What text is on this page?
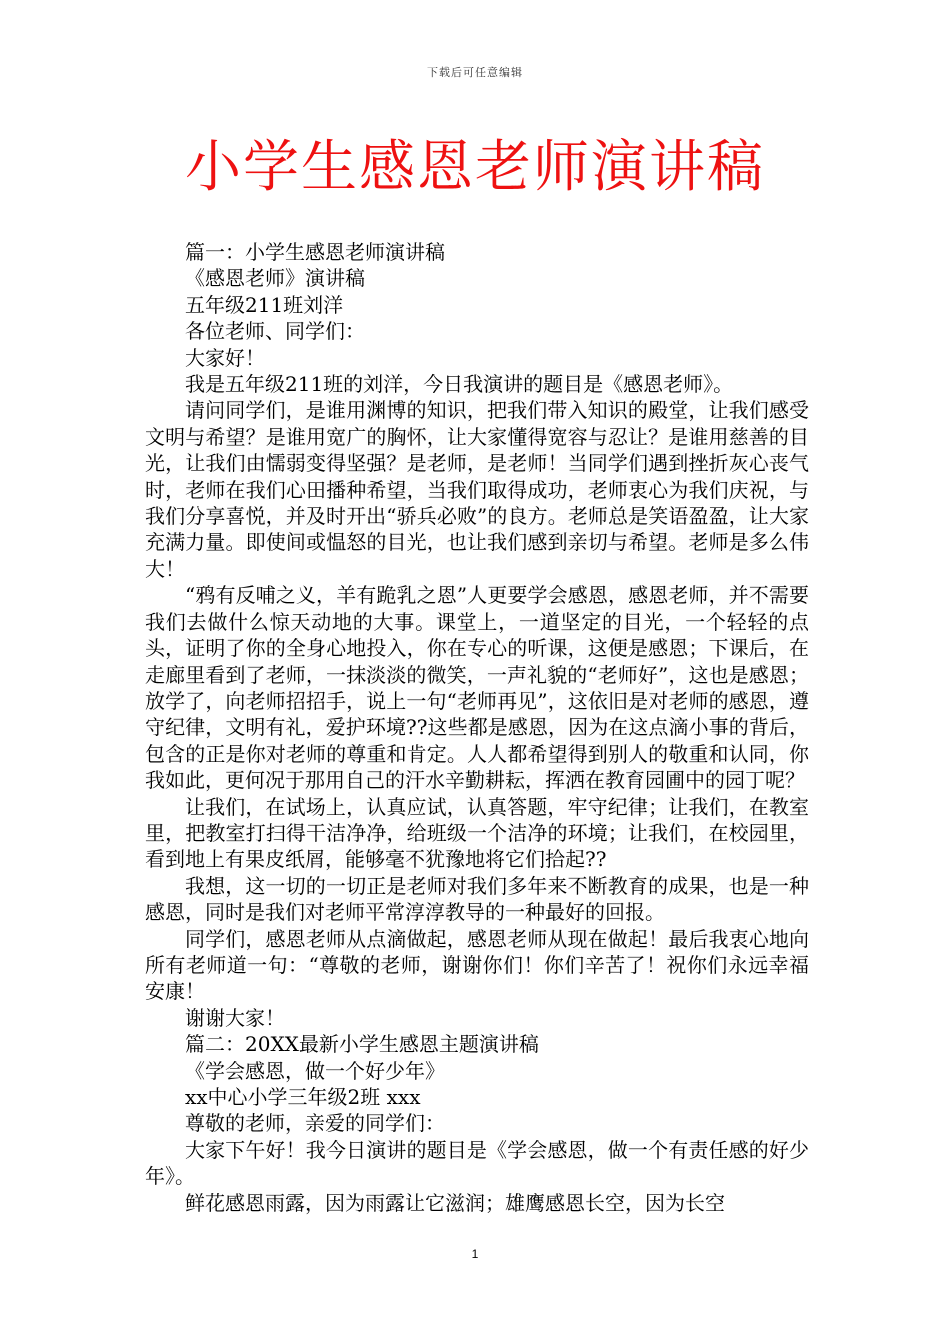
下载后可任意编辑
小学生感恩老师演讲稿

篇一：小学生感恩老师演讲稿

《感恩老师》演讲稿

五年级211班刘洋

各位老师、同学们：

大家好！

我是五年级211班的刘洋，今日我演讲的题目是《感恩老师》。

请问同学们，是谁用渊博的知识，把我们带入知识的殿堂，让我们感受文明与希望？是谁用宽广的胸怀，让大家懂得宽容与忍让？是谁用慈善的目光，让我们由懦弱变得坚强？是老师，是老师！当同学们遇到挫折灰心丧气时，老师在我们心田播种希望，当我们取得成功，老师衷心为我们庆祝，与我们分享喜悦，并及时开出“骄兵必败”的良方。老师总是笑语盈盈，让大家充满力量。即使间或愠怒的目光，也让我们感到亲切与希望。老师是多么伟大！

“鸦有反哺之义，羊有跪乳之恩”人更要学会感恩，感恩老师，并不需要我们去做什么惊天动地的大事。课堂上，一道坚定的目光，一个轻轻的点头，证明了你的全身心地投入，你在专心的听课，这便是感恩；下课后，在走廊里看到了老师，一抹淡淡的微笑，一声礼貌的“老师好”，这也是感恩；放学了，向老师招招手，说上一句“老师再见”，这依旧是对老师的感恩，遵守纪律，文明有礼，爱护环境??这些都是感恩，因为在这点滴小事的背后，包含的正是你对老师的尊重和肯定。人人都希望得到别人的敬重和认同，你我如此，更何况于那用自己的汗水辛勤耕耘，挥洒在教育园圃中的园丁呢？

让我们，在试场上，认真应试，认真答题，牢守纪律；让我们，在教室里，把教室打扫得干洁净净，给班级一个洁净的环境；让我们，在校园里，看到地上有果皮纸屑，能够毫不犹豫地将它们拾起??

我想，这一切的一切正是老师对我们多年来不断教育的成果，也是一种感恩，同时是我们对老师平常淳淳教导的一种最好的回报。

同学们，感恩老师从点滴做起，感恩老师从现在做起！最后我衷心地向所有老师道一句：“尊敬的老师，谢谢你们！你们辛苦了！祝你们永远幸福安康！

谢谢大家！

篇二：20XX最新小学生感恩主题演讲稿

《学会感恩，做一个好少年》

xx中心小学三年级2班 xxx

尊敬的老师，亲爱的同学们：

大家下午好！我今日演讲的题目是《学会感恩，做一个有责任感的好少年》。

鲜花感恩雨露，因为雨露让它滋润；雄鹰感恩长空，因为长空

1
